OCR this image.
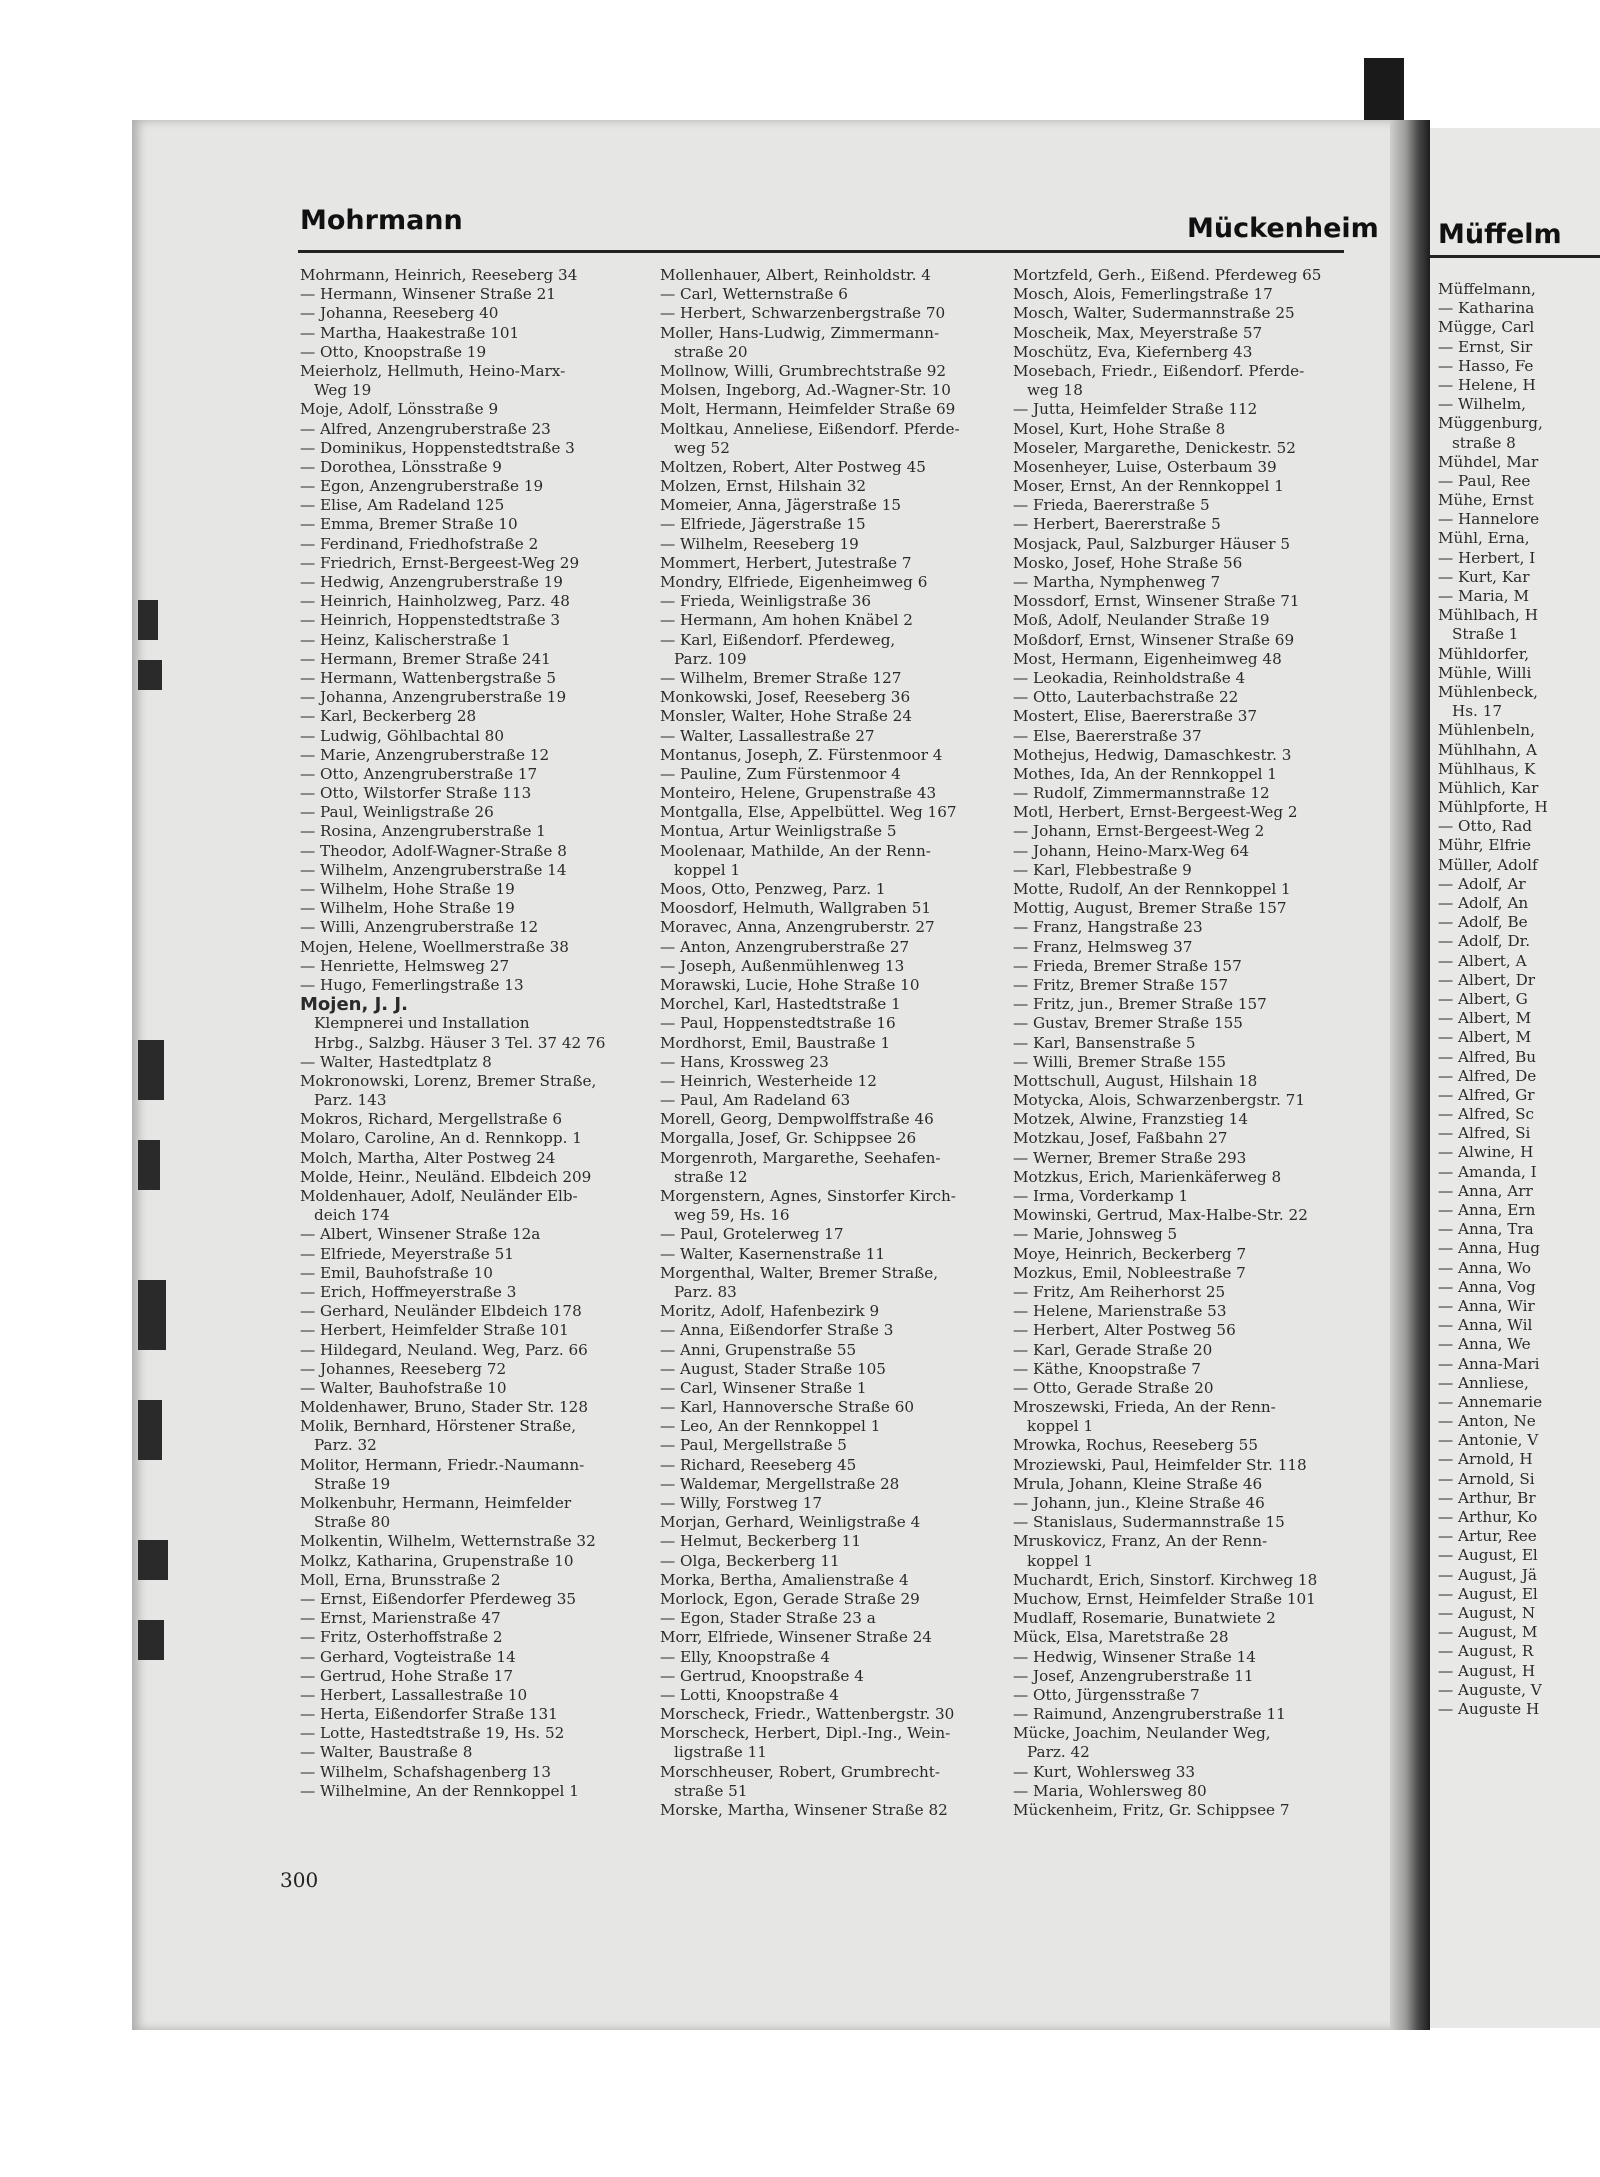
Mohrmann	Mückenheim
Mohrmann, Heinrich, Reeseberg 34
— Hermann, Winsener Straße 21
— Johanna, Reeseberg 40
— Martha, Haakestraße 101
— Otto, Knoopstraße 19
Meierholz, Hellmuth, Heino-Marx-
Weg 19
Moje, Adolf, Lönsstraße 9
— Alfred, Anzengruberstraße 23
— Dominikus, Hoppenstedtstraße 3
— Dorothea, Lönsstraße 9
— Egon, Anzengruberstraße 19
— Elise, Am Radeland 125
— Emma, Bremer Straße 10
— Ferdinand, Friedhofstraße 2
— Friedrich, Ernst-Bergeest-Weg 29
— Hedwig, Anzengruberstraße 19
— Heinrich, Hainholzweg, Parz. 48
— Heinrich, Hoppenstedtstraße 3
— Heinz, Kalischerstraße 1
— Hermann, Bremer Straße 241
— Hermann, Wattenbergstraße 5
— Johanna, Anzengruberstraße 19
— Karl, Beckerberg 28
— Ludwig, Göhlbachtal 80
— Marie, Anzengruberstraße 12
— Otto, Anzengruberstraße 17
— Otto, Wilstorfer Straße 113
— Paul, Weinligstraße 26
— Rosina, Anzengruberstraße 1
— Theodor, Adolf-Wagner-Straße 8
— Wilhelm, Anzengruberstraße 14
— Wilhelm, Hohe Straße 19
— Wilhelm, Hohe Straße 19
— Willi, Anzengruberstraße 12
Mojen, Helene, Woellmerstraße 38
— Henriette, Helmsweg 27
— Hugo, Femerlingstraße 13
Mojen, J. J.
Klempnerei und Installation
Hrbg., Salzbg. Häuser 3 Tel. 37 42 76
— Walter, Hastedtplatz 8
Mokronowski, Lorenz, Bremer Straße,
Parz. 143
Mokros, Richard, Mergellstraße 6
Molaro, Caroline, An d. Rennkopp. 1
Molch, Martha, Alter Postweg 24
Molde, Heinr., Neuländ. Elbdeich 209
Moldenhauer, Adolf, Neuländer Elb-
deich 174
— Albert, Winsener Straße 12a
— Elfriede, Meyerstraße 51
— Emil, Bauhofstraße 10
— Erich, Hoffmeyerstraße 3
— Gerhard, Neuländer Elbdeich 178
— Herbert, Heimfelder Straße 101
— Hildegard, Neuland. Weg, Parz. 66
— Johannes, Reeseberg 72
— Walter, Bauhofstraße 10
Moldenhawer, Bruno, Stader Str. 128
Molik, Bernhard, Hörstener Straße,
Parz. 32
Molitor, Hermann, Friedr.-Naumann-
Straße 19
Molkenbuhr, Hermann, Heimfelder
Straße 80
Molkentin, Wilhelm, Wetternstraße 32
Molkz, Katharina, Grupenstraße 10
Moll, Erna, Brunsstraße 2
— Ernst, Eißendorfer Pferdeweg 35
— Ernst, Marienstraße 47
— Fritz, Osterhoffstraße 2
— Gerhard, Vogteistraße 14
— Gertrud, Hohe Straße 17
— Herbert, Lassallestraße 10
— Herta, Eißendorfer Straße 131
— Lotte, Hastedtstraße 19, Hs. 52
— Walter, Baustraße 8
— Wilhelm, Schafshagenberg 13
— Wilhelmine, An der Rennkoppel 1
Mollenhauer, Albert, Reinholdstr. 4
— Carl, Wetternstraße 6
— Herbert, Schwarzenbergstraße 70
Moller, Hans-Ludwig, Zimmermann-
straße 20
Mollnow, Willi, Grumbrechtstraße 92
Molsen, Ingeborg, Ad.-Wagner-Str. 10
Molt, Hermann, Heimfelder Straße 69
Moltkau, Anneliese, Eißendorf. Pferde-
weg 52
Moltzen, Robert, Alter Postweg 45
Molzen, Ernst, Hilshain 32
Momeier, Anna, Jägerstraße 15
— Elfriede, Jägerstraße 15
— Wilhelm, Reeseberg 19
Mommert, Herbert, Jutestraße 7
Mondry, Elfriede, Eigenheimweg 6
— Frieda, Weinligstraße 36
— Hermann, Am hohen Knäbel 2
— Karl, Eißendorf. Pferdeweg,
Parz. 109
— Wilhelm, Bremer Straße 127
Monkowski, Josef, Reeseberg 36
Monsler, Walter, Hohe Straße 24
— Walter, Lassallestraße 27
Montanus, Joseph, Z. Fürstenmoor 4
— Pauline, Zum Fürstenmoor 4
Monteiro, Helene, Grupenstraße 43
Montgalla, Else, Appelbüttel. Weg 167
Montua, Artur Weinligstraße 5
Moolenaar, Mathilde, An der Renn-
koppel 1
Moos, Otto, Penzweg, Parz. 1
Moosdorf, Helmuth, Wallgraben 51
Moravec, Anna, Anzengruberstr. 27
— Anton, Anzengruberstraße 27
— Joseph, Außenmühlenweg 13
Morawski, Lucie, Hohe Straße 10
Morchel, Karl, Hastedtstraße 1
— Paul, Hoppenstedtstraße 16
Mordhorst, Emil, Baustraße 1
— Hans, Krossweg 23
— Heinrich, Westerheide 12
— Paul, Am Radeland 63
Morell, Georg, Dempwolffstraße 46
Morgalla, Josef, Gr. Schippsee 26
Morgenroth, Margarethe, Seehafen-
straße 12
Morgenstern, Agnes, Sinstorfer Kirch-
weg 59, Hs. 16
— Paul, Grotelerweg 17
— Walter, Kasernenstraße 11
Morgenthal, Walter, Bremer Straße,
Parz. 83
Moritz, Adolf, Hafenbezirk 9
— Anna, Eißendorfer Straße 3
— Anni, Grupenstraße 55
— August, Stader Straße 105
— Carl, Winsener Straße 1
— Karl, Hannoversche Straße 60
— Leo, An der Rennkoppel 1
— Paul, Mergellstraße 5
— Richard, Reeseberg 45
— Waldemar, Mergellstraße 28
— Willy, Forstweg 17
Morjan, Gerhard, Weinligstraße 4
— Helmut, Beckerberg 11
— Olga, Beckerberg 11
Morka, Bertha, Amalienstraße 4
Morlock, Egon, Gerade Straße 29
— Egon, Stader Straße 23 a
Morr, Elfriede, Winsener Straße 24
— Elly, Knoopstraße 4
— Gertrud, Knoopstraße 4
— Lotti, Knoopstraße 4
Morscheck, Friedr., Wattenbergstr. 30
Morscheck, Herbert, Dipl.-Ing., Wein-
ligstraße 11
Morschheuser, Robert, Grumbrecht-
straße 51
Morske, Martha, Winsener Straße 82
Mortzfeld, Gerh., Eißend. Pferdeweg 65
Mosch, Alois, Femerlingstraße 17
Mosch, Walter, Sudermannstraße 25
Moscheik, Max, Meyerstraße 57
Moschütz, Eva, Kiefernberg 43
Mosebach, Friedr., Eißendorf. Pferde-
weg 18
— Jutta, Heimfelder Straße 112
Mosel, Kurt, Hohe Straße 8
Moseler, Margarethe, Denickestr. 52
Mosenheyer, Luise, Osterbaum 39
Moser, Ernst, An der Rennkoppel 1
— Frieda, Baererstraße 5
— Herbert, Baererstraße 5
Mosjack, Paul, Salzburger Häuser 5
Mosko, Josef, Hohe Straße 56
— Martha, Nymphenweg 7
Mossdorf, Ernst, Winsener Straße 71
Moß, Adolf, Neulander Straße 19
Moßdorf, Ernst, Winsener Straße 69
Most, Hermann, Eigenheimweg 48
— Leokadia, Reinholdstraße 4
— Otto, Lauterbachstraße 22
Mostert, Elise, Baererstraße 37
— Else, Baererstraße 37
Mothejus, Hedwig, Damaschkestr. 3
Mothes, Ida, An der Rennkoppel 1
— Rudolf, Zimmermannstraße 12
Motl, Herbert, Ernst-Bergeest-Weg 2
— Johann, Ernst-Bergeest-Weg 2
— Johann, Heino-Marx-Weg 64
— Karl, Flebbestraße 9
Motte, Rudolf, An der Rennkoppel 1
Mottig, August, Bremer Straße 157
— Franz, Hangstraße 23
— Franz, Helmsweg 37
— Frieda, Bremer Straße 157
— Fritz, Bremer Straße 157
— Fritz, jun., Bremer Straße 157
— Gustav, Bremer Straße 155
— Karl, Bansenstraße 5
— Willi, Bremer Straße 155
Mottschull, August, Hilshain 18
Motycka, Alois, Schwarzenbergstr. 71
Motzek, Alwine, Franzstieg 14
Motzkau, Josef, Faßbahn 27
— Werner, Bremer Straße 293
Motzkus, Erich, Marienkäferweg 8
— Irma, Vorderkamp 1
Mowinski, Gertrud, Max-Halbe-Str. 22
— Marie, Johnsweg 5
Moye, Heinrich, Beckerberg 7
Mozkus, Emil, Nobleestraße 7
— Fritz, Am Reiherhorst 25
— Helene, Marienstraße 53
— Herbert, Alter Postweg 56
— Karl, Gerade Straße 20
— Käthe, Knoopstraße 7
— Otto, Gerade Straße 20
Mroszewski, Frieda, An der Renn-
koppel 1
Mrowka, Rochus, Reeseberg 55
Mroziewski, Paul, Heimfelder Str. 118
Mrula, Johann, Kleine Straße 46
— Johann, jun., Kleine Straße 46
— Stanislaus, Sudermannstraße 15
Mruskovicz, Franz, An der Renn-
koppel 1
Muchardt, Erich, Sinstorf. Kirchweg 18
Muchow, Ernst, Heimfelder Straße 101
Mudlaff, Rosemarie, Bunatwiete 2
Mück, Elsa, Maretstraße 28
— Hedwig, Winsener Straße 14
— Josef, Anzengruberstraße 11
— Otto, Jürgensstraße 7
— Raimund, Anzengruberstraße 11
Mücke, Joachim, Neulander Weg,
Parz. 42
— Kurt, Wohlersweg 33
— Maria, Wohlersweg 80
Mückenheim, Fritz, Gr. Schippsee 7
300
Müffelm
Müffelmann,
— Katharina
Mügge, Carl
— Ernst, Sir
— Hasso, Fe
— Helene, H
— Wilhelm,
Müggenburg,
straße 8
Mühdel, Mar
— Paul, Ree
Mühe, Ernst
— Hannelore
Mühl, Erna,
— Herbert, I
— Kurt, Kar
— Maria, M
Mühlbach, H
Straße 1
Mühldorfer,
Mühle, Willi
Mühlenbeck,
Hs. 17
Mühlenbeln,
Mühlhahn, A
Mühlhaus, K
Mühlich, Kar
Mühlpforte, H
— Otto, Rad
Mühr, Elfrie
Müller, Adolf
— Adolf, Ar
— Adolf, An
— Adolf, Be
— Adolf, Dr.
— Albert, A
— Albert, Dr
— Albert, G
— Albert, M
— Albert, M
— Alfred, Bu
— Alfred, De
— Alfred, Gr
— Alfred, Sc
— Alfred, Si
— Alwine, H
— Amanda, I
— Anna, Arr
— Anna, Ern
— Anna, Tra
— Anna, Hug
— Anna, Wo
— Anna, Vog
— Anna, Wir
— Anna, Wil
— Anna, We
— Anna-Mari
— Annliese,
— Annemarie
— Anton, Ne
— Antonie, V
— Arnold, H
— Arnold, Si
— Arthur, Br
— Arthur, Ko
— Artur, Ree
— August, El
— August, Jä
— August, El
— August, N
— August, M
— August, R
— August, H
— Auguste, V
— Auguste H
